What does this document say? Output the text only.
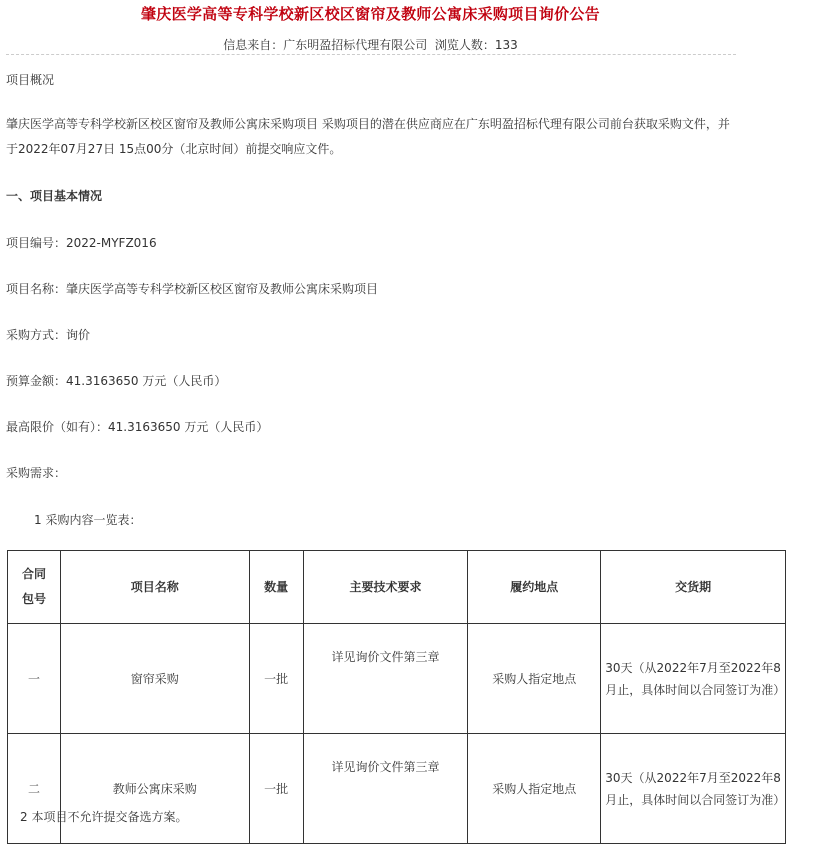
肇庆医学高等专科学校新区校区窗帘及教师公寓床采购项目询价公告
信息来自：广东明盈招标代理有限公司 浏览人数：133
项目概况
肇庆医学高等专科学校新区校区窗帘及教师公寓床采购项目 采购项目的潜在供应商应在广东明盈招标代理有限公司前台获取采购文件，并于2022年07月27日 15点00分（北京时间）前提交响应文件。
一、项目基本情况
项目编号：2022-MYFZ016
项目名称：肇庆医学高等专科学校新区校区窗帘及教师公寓床采购项目
采购方式：询价
预算金额：41.3163650 万元（人民币）
最高限价（如有）：41.3163650 万元（人民币）
采购需求：
1 采购内容一览表：
合同
包号	项目名称	数量	主要技术要求	履约地点	交货期
一	窗帘采购	一批	详见询价文件第三章	采购人指定地点	30天（从2022年7月至2022年8月止，具体时间以合同签订为准）
二	教师公寓床采购	一批	详见询价文件第三章	采购人指定地点	30天（从2022年7月至2022年8月止，具体时间以合同签订为准）
2 本项目不允许提交备选方案。
